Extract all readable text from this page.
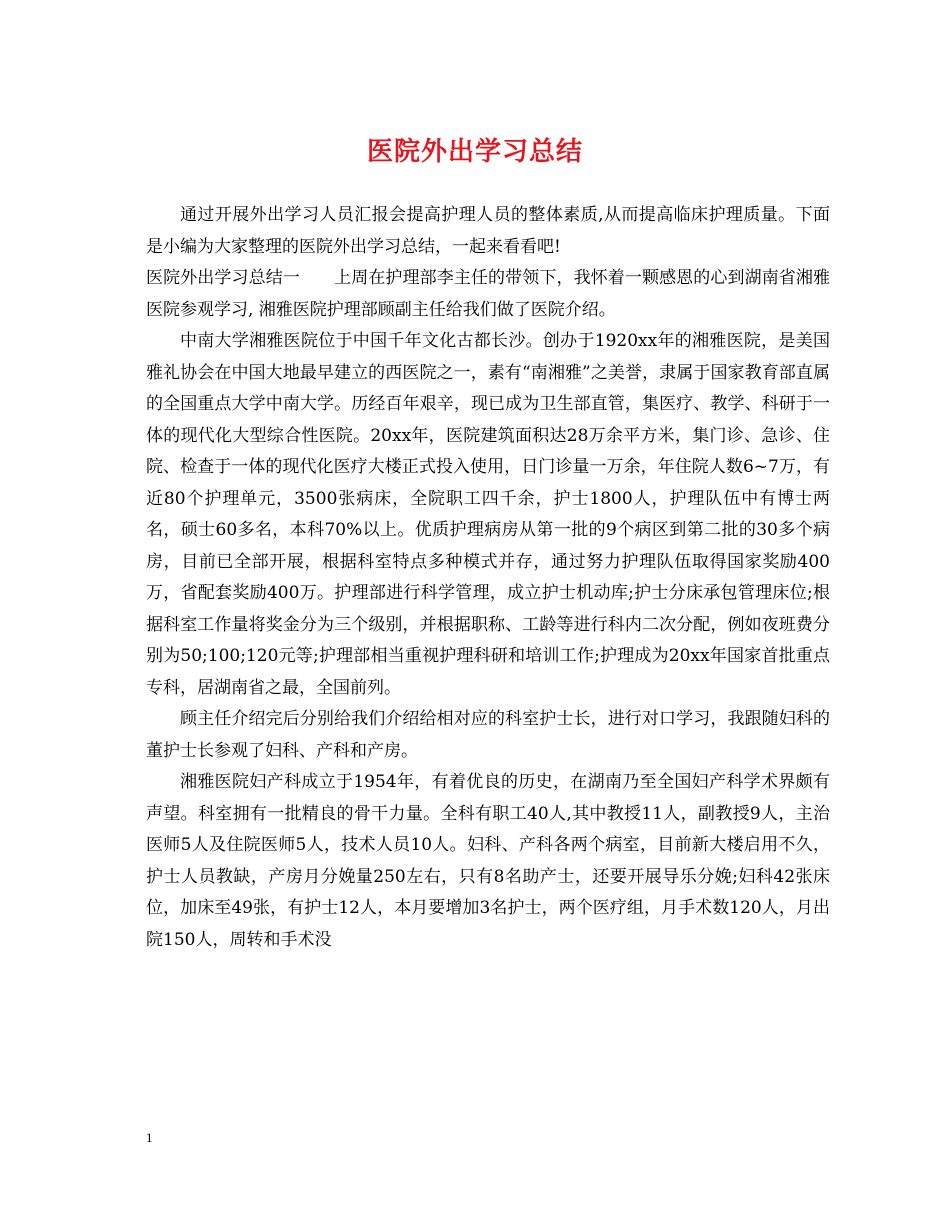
医院外出学习总结

通过开展外出学习人员汇报会提高护理人员的整体素质,从而提高临床护理质量。下面是小编为大家整理的医院外出学习总结，一起来看看吧!

医院外出学习总结一　　上周在护理部李主任的带领下，我怀着一颗感恩的心到湖南省湘雅医院参观学习, 湘雅医院护理部顾副主任给我们做了医院介绍。

中南大学湘雅医院位于中国千年文化古都长沙。创办于1920xx年的湘雅医院，是美国雅礼协会在中国大地最早建立的西医院之一，素有“南湘雅”之美誉，隶属于国家教育部直属的全国重点大学中南大学。历经百年艰辛，现已成为卫生部直管，集医疗、教学、科研于一体的现代化大型综合性医院。20xx年，医院建筑面积达28万余平方米，集门诊、急诊、住院、检查于一体的现代化医疗大楼正式投入使用，日门诊量一万余，年住院人数6~7万，有近80个护理单元，3500张病床，全院职工四千余，护士1800人，护理队伍中有博士两名，硕士60多名，本科70%以上。优质护理病房从第一批的9个病区到第二批的30多个病房，目前已全部开展，根据科室特点多种模式并存，通过努力护理队伍取得国家奖励400万，省配套奖励400万。护理部进行科学管理，成立护士机动库;护士分床承包管理床位;根据科室工作量将奖金分为三个级别，并根据职称、工龄等进行科内二次分配，例如夜班费分别为50;100;120元等;护理部相当重视护理科研和培训工作;护理成为20xx年国家首批重点专科，居湖南省之最，全国前列。

顾主任介绍完后分别给我们介绍给相对应的科室护士长，进行对口学习，我跟随妇科的董护士长参观了妇科、产科和产房。

湘雅医院妇产科成立于1954年，有着优良的历史，在湖南乃至全国妇产科学术界颇有声望。科室拥有一批精良的骨干力量。全科有职工40人,其中教授11人，副教授9人，主治医师5人及住院医师5人，技术人员10人。妇科、产科各两个病室，目前新大楼启用不久，护士人员教缺，产房月分娩量250左右，只有8名助产士，还要开展导乐分娩;妇科42张床位，加床至49张，有护士12人，本月要增加3名护士，两个医疗组，月手术数120人，月出院150人，周转和手术没

1
